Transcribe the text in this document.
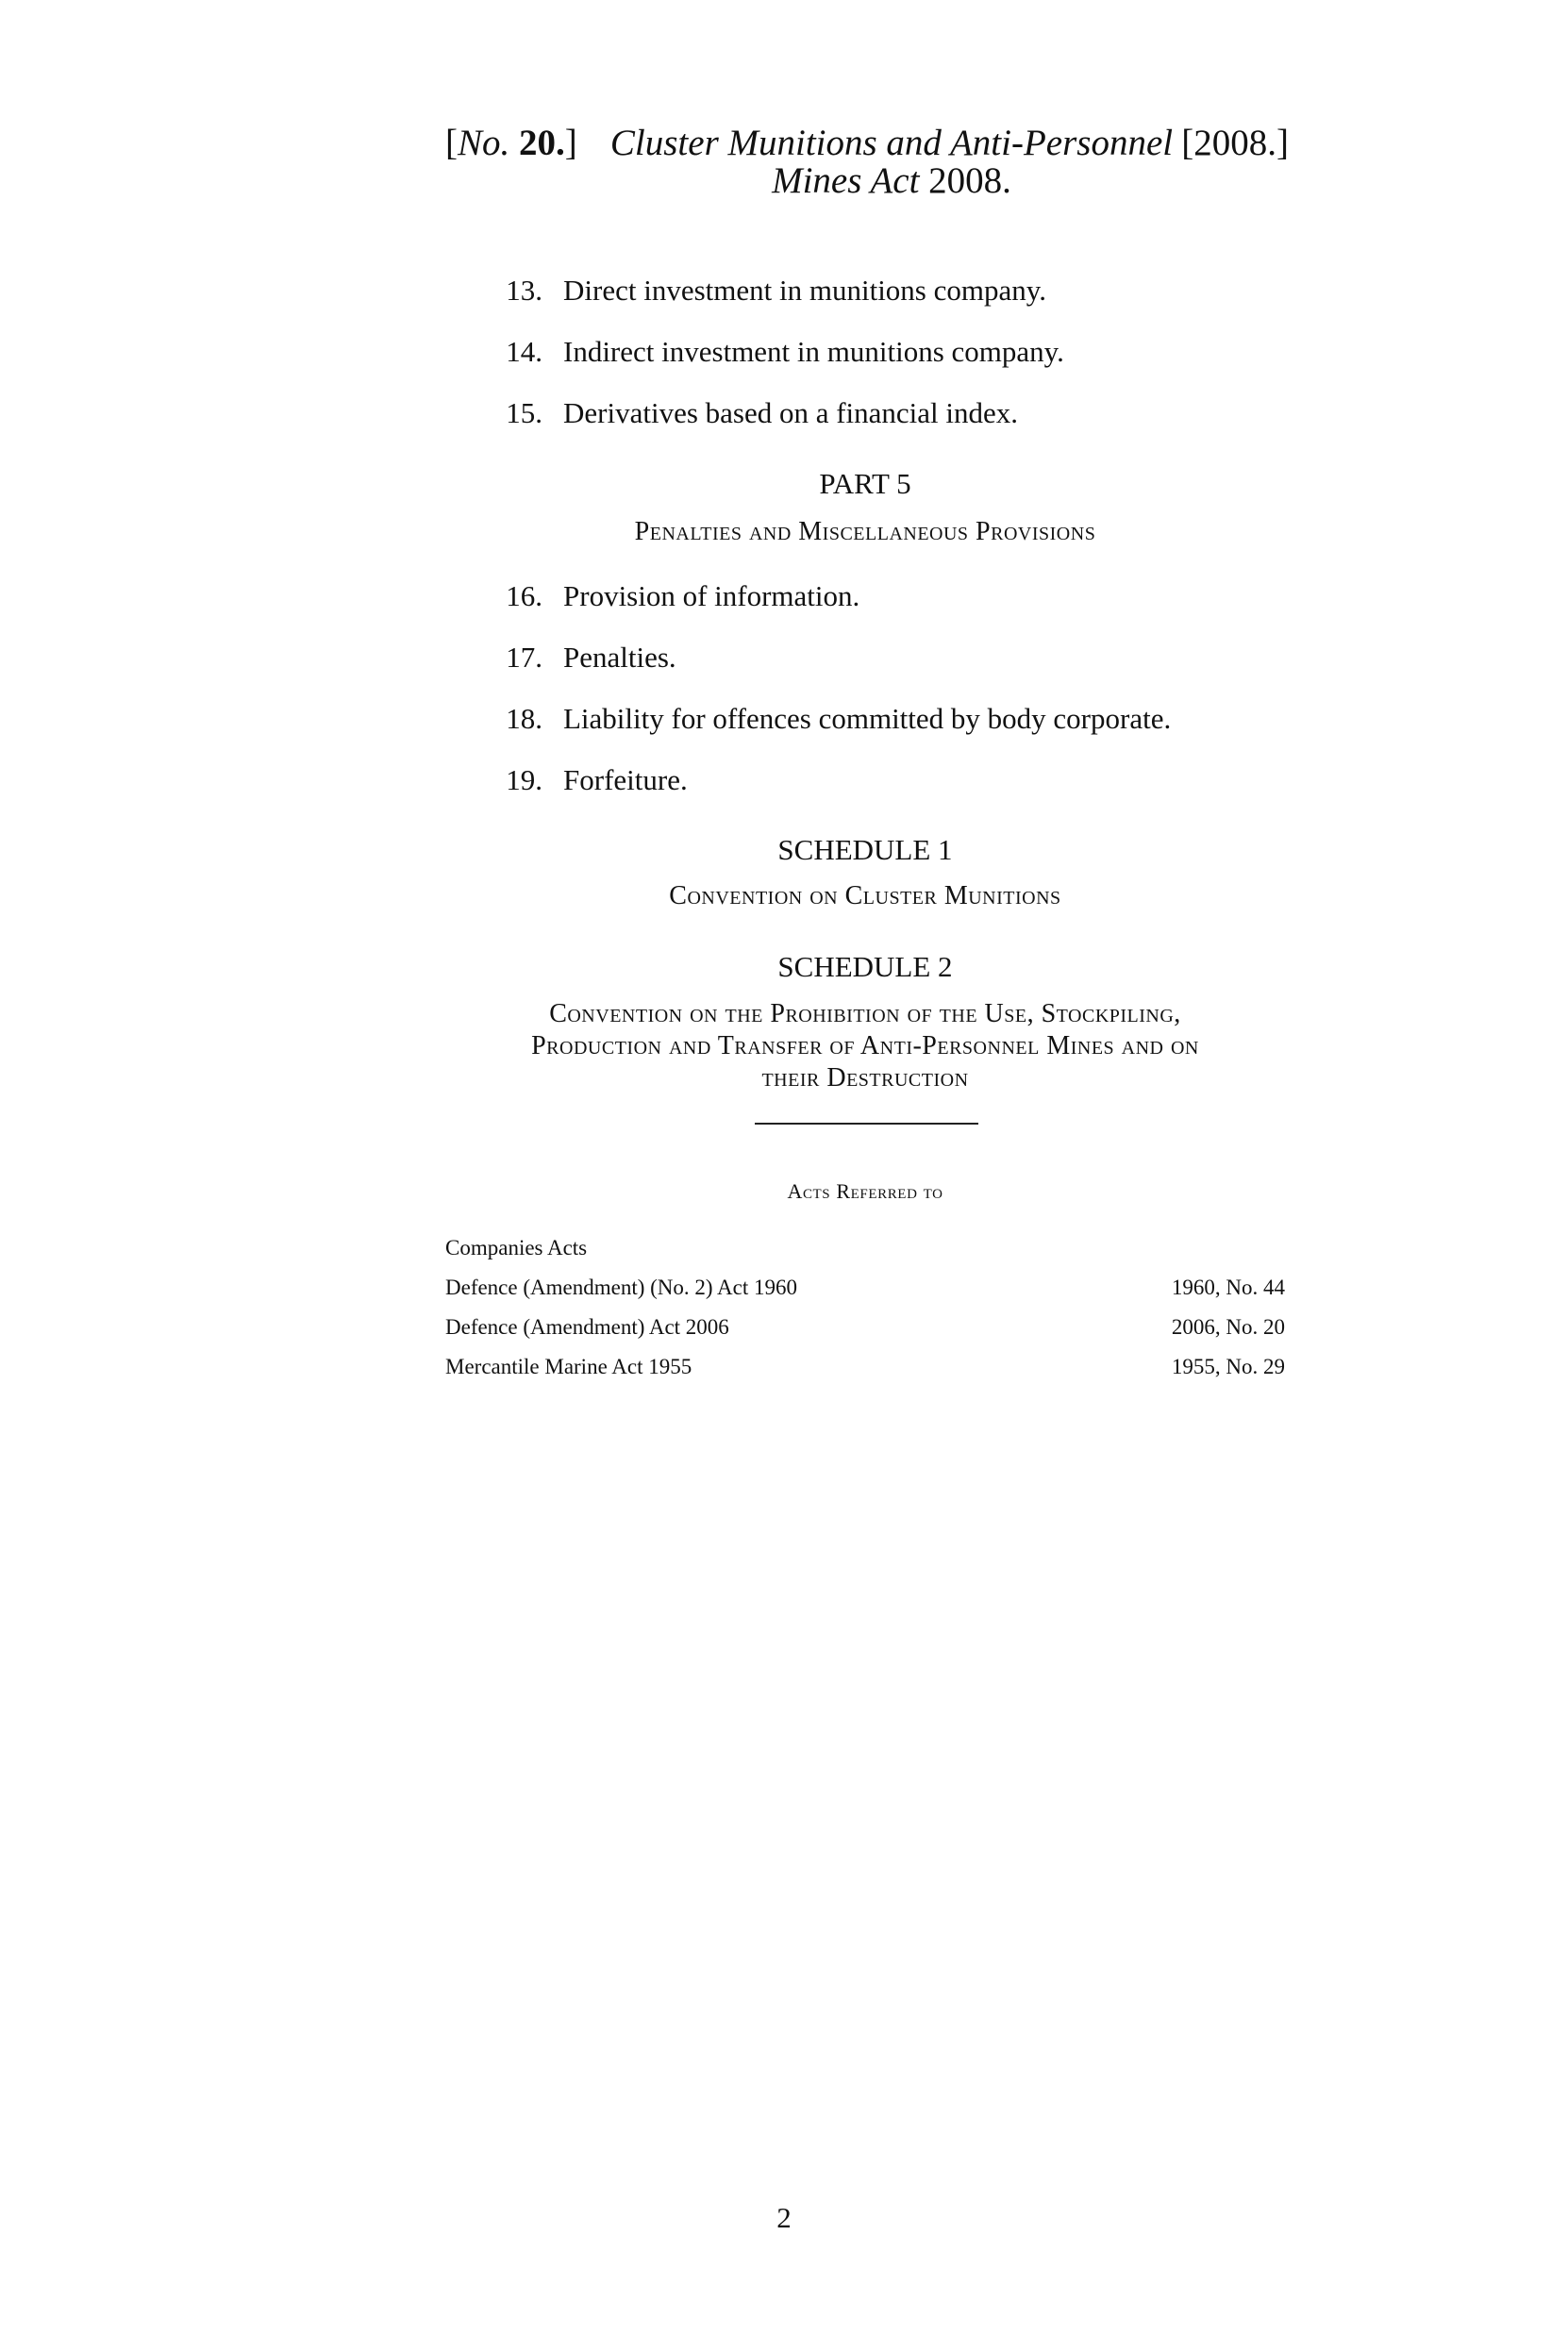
[No. 20.] Cluster Munitions and Anti-Personnel
Mines Act 2008.
[2008.]
13. Direct investment in munitions company.
14. Indirect investment in munitions company.
15. Derivatives based on a financial index.
PART 5
Penalties and Miscellaneous Provisions
16. Provision of information.
17. Penalties.
18. Liability for offences committed by body corporate.
19. Forfeiture.
SCHEDULE 1
Convention on Cluster Munitions
SCHEDULE 2
Convention on the Prohibition of the Use, Stockpiling,
Production and Transfer of Anti-Personnel Mines and on
their Destruction
Acts Referred to
Companies Acts
Defence (Amendment) (No. 2) Act 1960	1960, No. 44
Defence (Amendment) Act 2006	2006, No. 20
Mercantile Marine Act 1955	1955, No. 29
2
